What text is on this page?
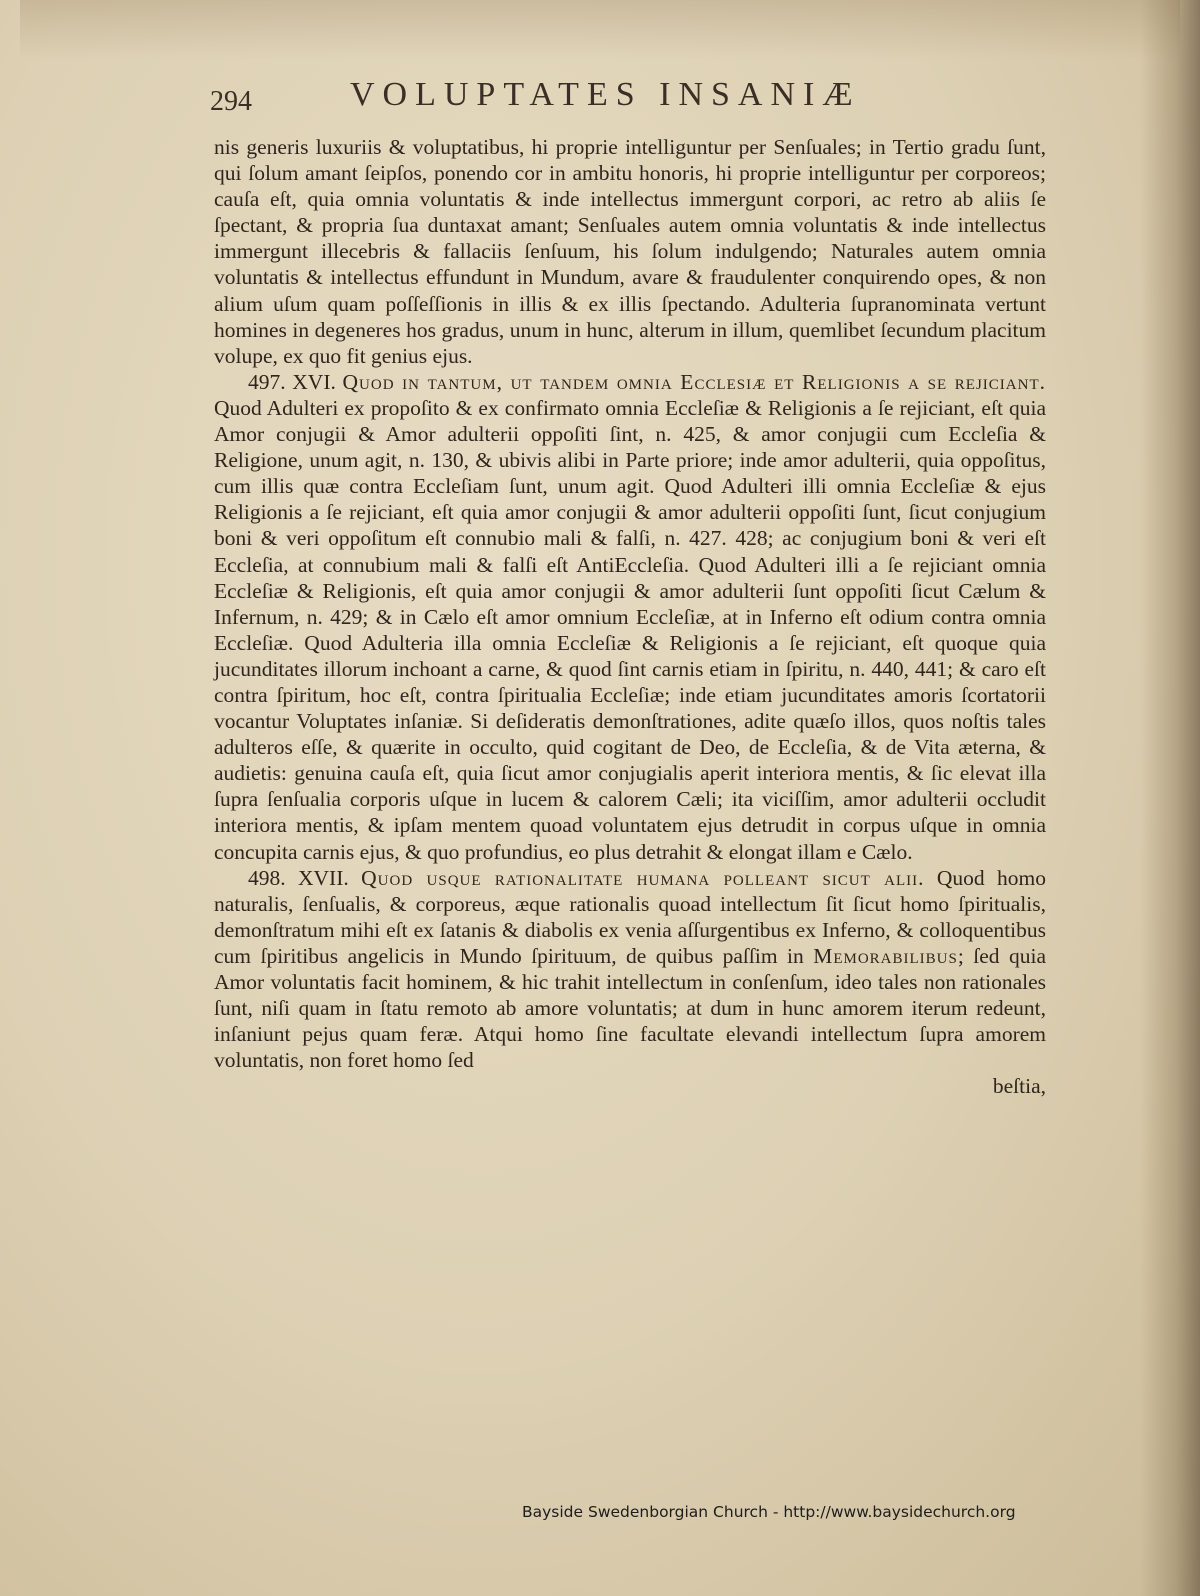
294	VOLUPTATES INSANIÆ

nis generis luxuriis & voluptatibus, hi proprie intelliguntur per Senſuales; in Tertio gradu ſunt, qui ſolum amant ſeipſos, ponendo cor in ambitu honoris, hi proprie intelliguntur per corporeos; cauſa eſt, quia omnia voluntatis & inde intellectus immergunt corpori, ac retro ab aliis ſe ſpectant, & propria ſua duntaxat amant; Senſuales autem omnia voluntatis & inde intellectus immergunt illecebris & fallaciis ſenſuum, his ſolum indulgendo; Naturales autem omnia voluntatis & intellectus effundunt in Mundum, avare & fraudulenter conquirendo opes, & non alium uſum quam poſſeſſionis in illis & ex illis ſpectando. Adulteria ſupranominata vertunt homines in degeneres hos gradus, unum in hunc, alterum in illum, quemlibet ſecundum placitum volupe, ex quo fit genius ejus.

497. XVI. Quod in tantum, ut tandem omnia Eccleſiæ et Religionis a se rejiciant. Quod Adulteri ex propoſito & ex confirmato omnia Eccleſiæ & Religionis a ſe rejiciant, eſt quia Amor conjugii & Amor adulterii oppoſiti ſint, n. 425, & amor conjugii cum Eccleſia & Religione, unum agit, n. 130, & ubivis alibi in Parte priore; inde amor adulterii, quia oppoſitus, cum illis quæ contra Eccleſiam ſunt, unum agit. Quod Adulteri illi omnia Eccleſiæ & ejus Religionis a ſe rejiciant, eſt quia amor conjugii & amor adulterii oppoſiti ſunt, ſicut conjugium boni & veri oppoſitum eſt connubio mali & falſi, n. 427. 428; ac conjugium boni & veri eſt Eccleſia, at connubium mali & falſi eſt AntiEccleſia. Quod Adulteri illi a ſe rejiciant omnia Eccleſiæ & Religionis, eſt quia amor conjugii & amor adulterii ſunt oppoſiti ſicut Cælum & Infernum, n. 429; & in Cælo eſt amor omnium Eccleſiæ, at in Inferno eſt odium contra omnia Eccleſiæ. Quod Adulteria illa omnia Eccleſiæ & Religionis a ſe rejiciant, eſt quoque quia jucunditates illorum inchoant a carne, & quod ſint carnis etiam in ſpiritu, n. 440, 441; & caro eſt contra ſpiritum, hoc eſt, contra ſpiritualia Eccleſiæ; inde etiam jucunditates amoris ſcortatorii vocantur Voluptates inſaniæ. Si deſideratis demonſtrationes, adite quæſo illos, quos noſtis tales adulteros eſſe, & quærite in occulto, quid cogitant de Deo, de Eccleſia, & de Vita æterna, & audietis: genuina cauſa eſt, quia ſicut amor conjugialis aperit interiora mentis, & ſic elevat illa ſupra ſenſualia corporis uſque in lucem & calorem Cæli; ita viciſſim, amor adulterii occludit interiora mentis, & ipſam mentem quoad voluntatem ejus detrudit in corpus uſque in omnia concupita carnis ejus, & quo profundius, eo plus detrahit & elongat illam e Cælo.

498. XVII. Quod usque rationalitate humana polleant sicut alii. Quod homo naturalis, ſenſualis, & corporeus, æque rationalis quoad intellectum ſit ſicut homo ſpiritualis, demonſtratum mihi eſt ex ſatanis & diabolis ex venia aſſurgentibus ex Inferno, & colloquentibus cum ſpiritibus angelicis in Mundo ſpirituum, de quibus paſſim in Memorabilibus; ſed quia Amor voluntatis facit hominem, & hic trahit intellectum in conſenſum, ideo tales non rationales ſunt, niſi quam in ſtatu remoto ab amore voluntatis; at dum in hunc amorem iterum redeunt, inſaniunt pejus quam feræ. Atqui homo ſine facultate elevandi intellectum ſupra amorem voluntatis, non foret homo ſed

beſtia,
Bayside Swedenborgian Church - http://www.baysidechurch.org
